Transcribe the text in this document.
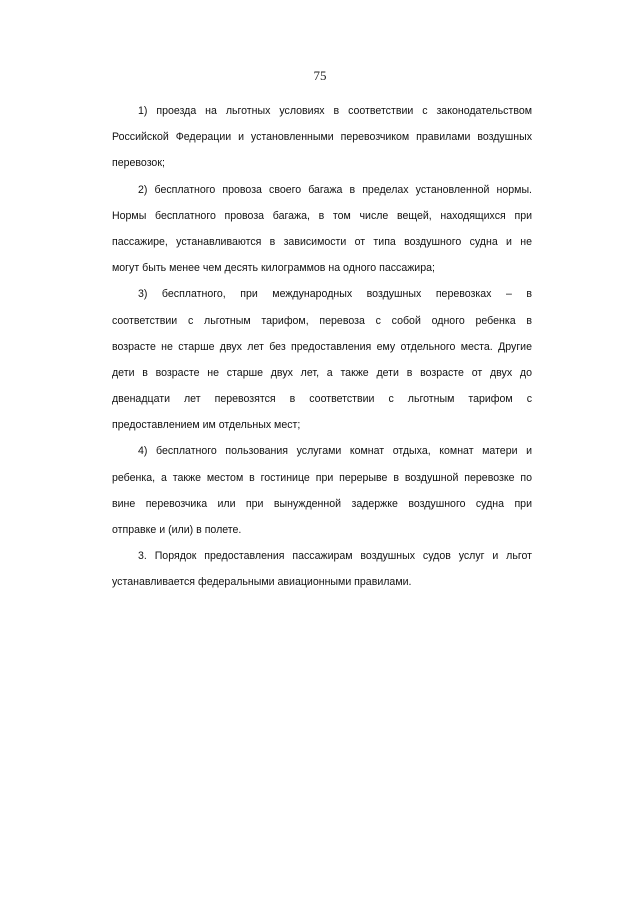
75
1) проезда на льготных условиях в соответствии с законодательством
Российской Федерации и установленными перевозчиком правилами воздушных
перевозок;
2) бесплатного провоза своего багажа в пределах установленной нормы.
Нормы бесплатного провоза багажа, в том числе вещей, находящихся при
пассажире, устанавливаются в зависимости от типа воздушного судна и не
могут быть менее чем десять килограммов на одного пассажира;
3) бесплатного, при международных воздушных перевозках – в
соответствии с льготным тарифом, перевоза с собой одного ребенка в
возрасте не старше двух лет без предоставления ему отдельного места. Другие
дети в возрасте не старше двух лет, а также дети в возрасте от двух до
двенадцати лет перевозятся в соответствии с льготным тарифом с
предоставлением им отдельных мест;
4) бесплатного пользования услугами комнат отдыха, комнат матери и
ребенка, а также местом в гостинице при перерыве в воздушной перевозке по
вине перевозчика или при вынужденной задержке воздушного судна при
отправке и (или) в полете.
3. Порядок предоставления пассажирам воздушных судов услуг и льгот
устанавливается федеральными авиационными правилами.
